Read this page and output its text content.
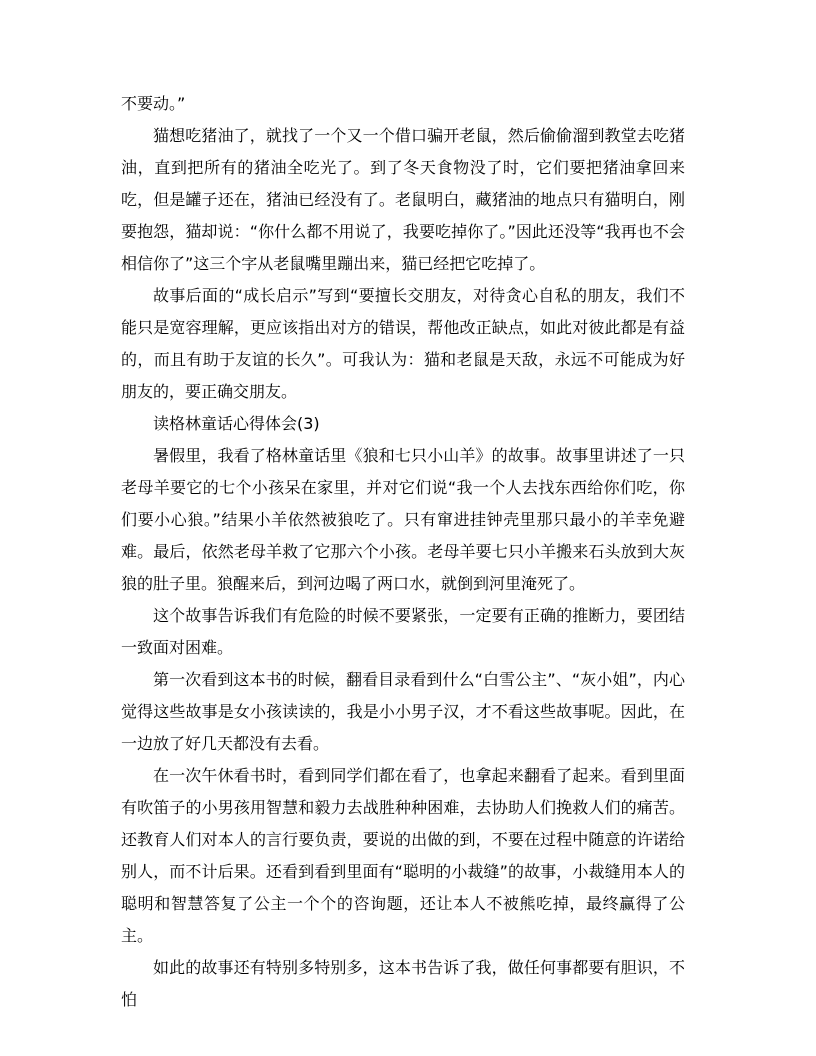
不要动。”

猫想吃猪油了，就找了一个又一个借口骗开老鼠，然后偷偷溜到教堂去吃猪油，直到把所有的猪油全吃光了。到了冬天食物没了时，它们要把猪油拿回来吃，但是罐子还在，猪油已经没有了。老鼠明白，藏猪油的地点只有猫明白，刚要抱怨，猫却说：“你什么都不用说了，我要吃掉你了。”因此还没等“我再也不会相信你了”这三个字从老鼠嘴里蹦出来，猫已经把它吃掉了。

故事后面的“成长启示”写到“要擅长交朋友，对待贪心自私的朋友，我们不能只是宽容理解，更应该指出对方的错误，帮他改正缺点，如此对彼此都是有益的，而且有助于友谊的长久”。可我认为：猫和老鼠是天敌，永远不可能成为好朋友的，要正确交朋友。

读格林童话心得体会(3)

暑假里，我看了格林童话里《狼和七只小山羊》的故事。故事里讲述了一只老母羊要它的七个小孩呆在家里，并对它们说“我一个人去找东西给你们吃，你们要小心狼。”结果小羊依然被狼吃了。只有窜进挂钟壳里那只最小的羊幸免避难。最后，依然老母羊救了它那六个小孩。老母羊要七只小羊搬来石头放到大灰狼的肚子里。狼醒来后，到河边喝了两口水，就倒到河里淹死了。

这个故事告诉我们有危险的时候不要紧张，一定要有正确的推断力，要团结一致面对困难。

第一次看到这本书的时候，翻看目录看到什么“白雪公主”、“灰小姐”，内心觉得这些故事是女小孩读读的，我是小小男子汉，才不看这些故事呢。因此，在一边放了好几天都没有去看。

在一次午休看书时，看到同学们都在看了，也拿起来翻看了起来。看到里面有吹笛子的小男孩用智慧和毅力去战胜种种困难，去协助人们挽救人们的痛苦。还教育人们对本人的言行要负责，要说的出做的到，不要在过程中随意的许诺给别人，而不计后果。还看到看到里面有“聪明的小裁缝”的故事，小裁缝用本人的聪明和智慧答复了公主一个个的咨询题，还让本人不被熊吃掉，最终赢得了公主。

如此的故事还有特别多特别多，这本书告诉了我，做任何事都要有胆识，不怕
